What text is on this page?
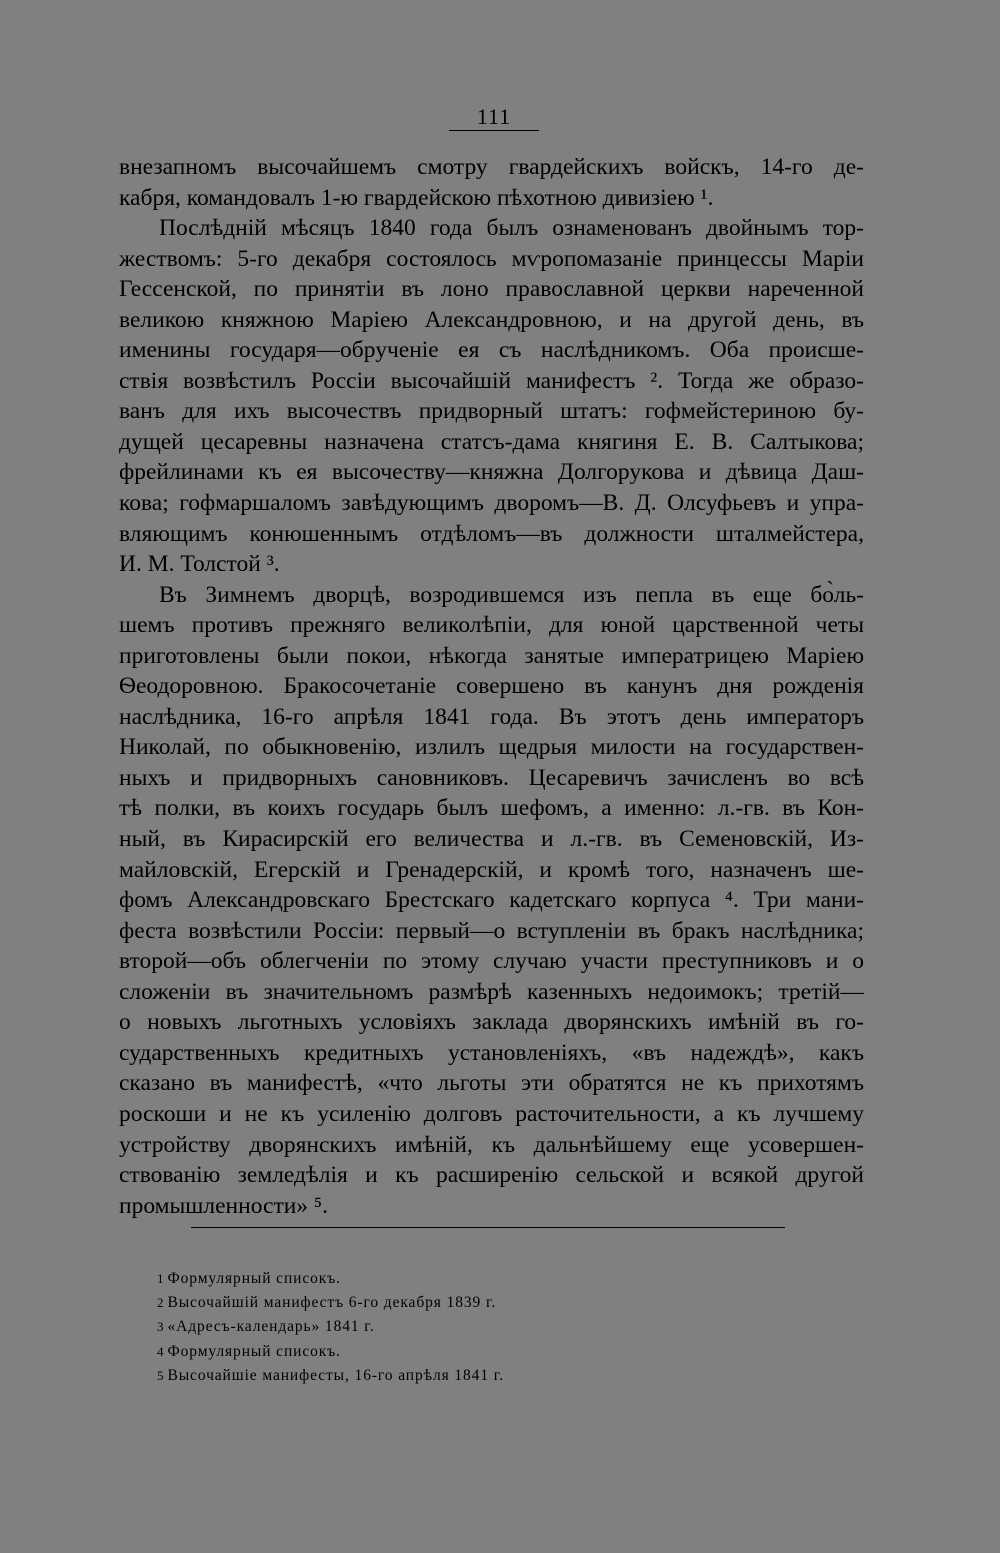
111
внезапномъ высочайшемъ смотру гвардейскихъ войскъ, 14-го де-
кабря, командовалъ 1-ю гвардейскою пѣхотною дивизiею ¹.
Послѣднiй мѣсяцъ 1840 года былъ ознаменованъ двойнымъ тор-
жествомъ: 5-го декабря состоялось мѵропомазанiе принцессы Марiи
Гессенской, по принятiи въ лоно православной церкви нареченной
великою княжною Марiею Александровною, и на другой день, въ
именины государя—обрученiе ея съ наслѣдникомъ. Оба происше-
ствiя возвѣстилъ Россiи высочайшiй манифестъ ². Тогда же образо-
ванъ для ихъ высочествъ придворный штатъ: гофмейстериною бу-
дущей цесаревны назначена статсъ-дама княгиня Е. В. Салтыкова;
фрейлинами къ ея высочеству—княжна Долгорукова и дѣвица Даш-
кова; гофмаршаломъ завѣдующимъ дворомъ—В. Д. Олсуфьевъ и упра-
вляющимъ конюшеннымъ отдѣломъ—въ должности шталмейстера,
И. М. Толстой ³.
Въ Зимнемъ дворцѣ, возродившемся изъ пепла въ еще бо̀ль-
шемъ противъ прежняго великолѣпiи, для юной царственной четы
приготовлены были покои, нѣкогда занятые императрицею Марiею
Ѳеодоровною. Бракосочетанiе совершено въ канунъ дня рожденiя
наслѣдника, 16-го апрѣля 1841 года. Въ этотъ день императоръ
Николай, по обыкновенiю, излилъ щедрыя милости на государствен-
ныхъ и придворныхъ сановниковъ. Цесаревичъ зачисленъ во всѣ
тѣ полки, въ коихъ государь былъ шефомъ, а именно: л.-гв. въ Кон-
ный, въ Кирасирскiй его величества и л.-гв. въ Семеновскiй, Из-
майловскiй, Егерскiй и Гренадерскiй, и кромѣ того, назначенъ ше-
фомъ Александровскаго Брестскаго кадетскаго корпуса ⁴. Три мани-
феста возвѣстили Россiи: первый—о вступленiи въ бракъ наслѣдника;
второй—объ облегченiи по этому случаю участи преступниковъ и о
сложенiи въ значительномъ размѣрѣ казенныхъ недоимокъ; третiй—
о новыхъ льготныхъ условiяхъ заклада дворянскихъ имѣнiй въ го-
сударственныхъ кредитныхъ установленiяхъ, «въ надеждѣ», какъ
сказано въ манифестѣ, «что льготы эти обратятся не къ прихотямъ
роскоши и не къ усиленiю долговъ расточительности, а къ лучшему
устройству дворянскихъ имѣнiй, къ дальнѣйшему еще усовершен-
ствованiю земледѣлiя и къ расширенiю сельской и всякой другой
промышленности» ⁵.
1 Формулярный списокъ.
2 Высочайшiй манифестъ 6-го декабря 1839 г.
3 «Адресъ-календарь» 1841 г.
4 Формулярный списокъ.
5 Высочайшiе манифесты, 16-го апрѣля 1841 г.
